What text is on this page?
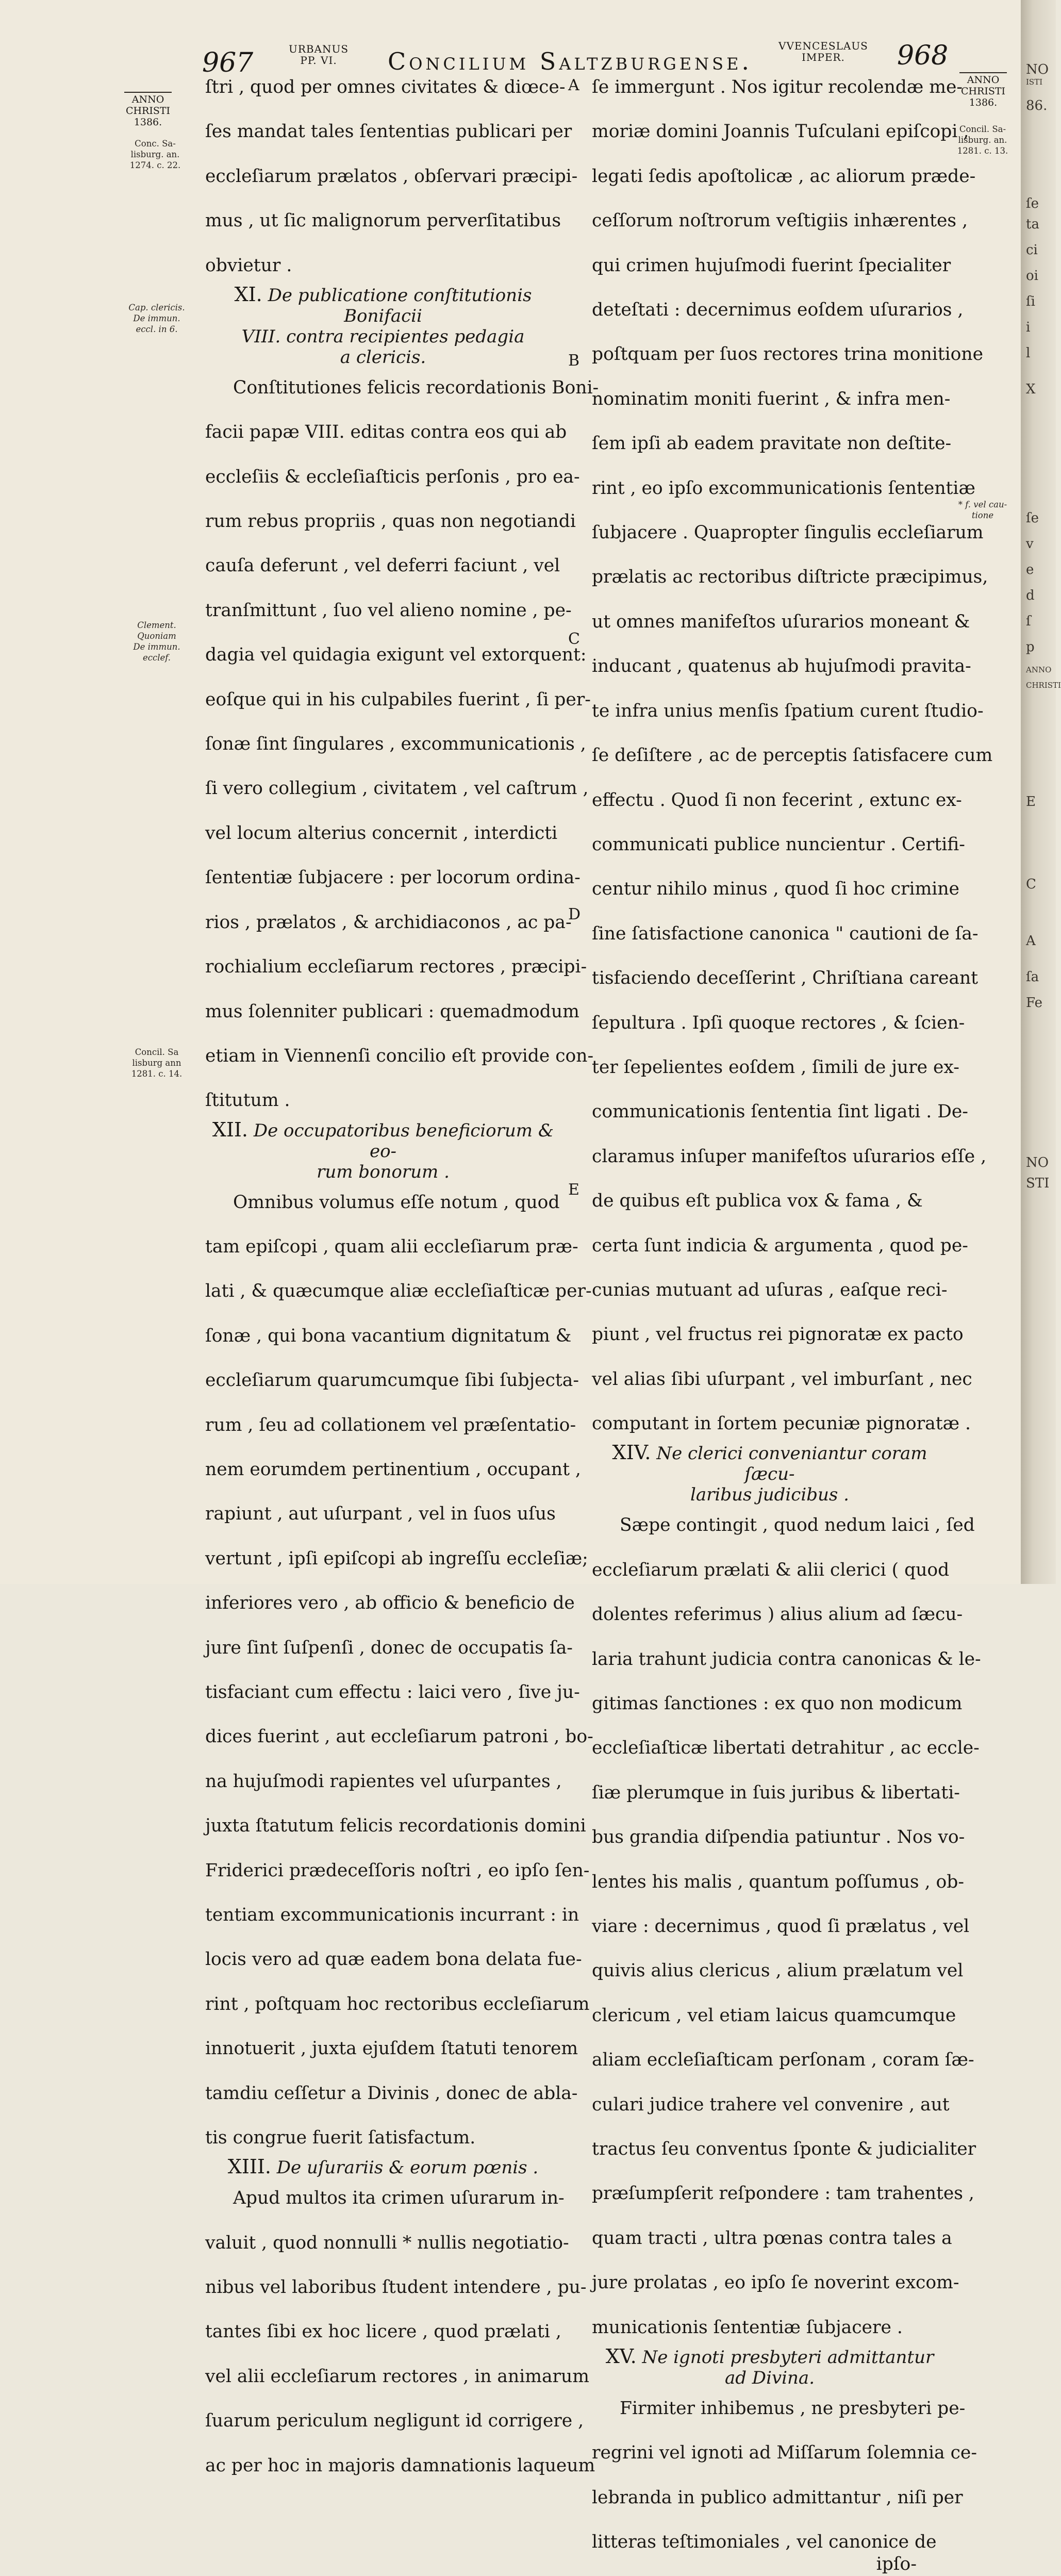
967	URBANUS
PP. VI.	Concilium Saltzburgense.
VVENCESLAUS
IMPER.	968
ANNO
CHRISTI
1386.
Conc. Sa-
lisburg. an.
1274. c. 22.
Cap. clericis.
De immun.
eccl. in 6.
Clement.
Quoniam
De immun.
ecclef.
Concil. Sa
lisburg ann
1281. c. 14.
ANNO
CHRISTI
1386.
Concil. Sa-
lisburg. an.
1281. c. 13.
* f. vel cau-
tione
A
B
C
D
E
ſtri , quod per omnes civitates & diœce-

ſes mandat tales ſententias publicari per

eccleſiarum prælatos , obſervari præcipi-

mus , ut ſic malignorum perverſitatibus

obvietur .
XI. De publicatione conſtitutionis Bonifacii
VIII. contra recipientes pedagia
a clericis.
Conſtitutiones felicis recordationis Boni-

facii papæ VIII. editas contra eos qui ab

eccleſiis & eccleſiaſticis perſonis , pro ea-

rum rebus propriis , quas non negotiandi

cauſa deferunt , vel deferri faciunt , vel

tranſmittunt , ſuo vel alieno nomine , pe-

dagia vel quidagia exigunt vel extorquent:

eoſque qui in his culpabiles fuerint , ſi per-

ſonæ ſint ſingulares , excommunicationis ,

ſi vero collegium , civitatem , vel caſtrum ,

vel locum alterius concernit , interdicti

ſententiæ ſubjacere : per locorum ordina-

rios , prælatos , & archidiaconos , ac pa-

rochialium eccleſiarum rectores , præcipi-

mus ſolenniter publicari : quemadmodum

etiam in Viennenſi concilio eſt provide con-

ſtitutum .
XII. De occupatoribus beneficiorum & eo-
rum bonorum .
Omnibus volumus eſſe notum , quod

tam epiſcopi , quam alii eccleſiarum præ-

lati , & quæcumque aliæ eccleſiaſticæ per-

ſonæ , qui bona vacantium dignitatum &

eccleſiarum quarumcumque ſibi ſubjecta-

rum , ſeu ad collationem vel præſentatio-

nem eorumdem pertinentium , occupant ,

rapiunt , aut uſurpant , vel in ſuos uſus

vertunt , ipſi epiſcopi ab ingreſſu eccleſiæ;

inferiores vero , ab officio & beneficio de

jure ſint ſuſpenſi , donec de occupatis ſa-

tisfaciant cum effectu : laici vero , ſive ju-

dices fuerint , aut eccleſiarum patroni , bo-

na hujuſmodi rapientes vel uſurpantes ,

juxta ſtatutum felicis recordationis domini

Friderici prædeceſſoris noſtri , eo ipſo ſen-

tentiam excommunicationis incurrant : in

locis vero ad quæ eadem bona delata fue-

rint , poſtquam hoc rectoribus eccleſiarum

innotuerit , juxta ejuſdem ſtatuti tenorem

tamdiu ceſſetur a Divinis , donec de abla-

tis congrue fuerit ſatisfactum.
XIII. De uſurariis & eorum pœnis .
Apud multos ita crimen uſurarum in-

valuit , quod nonnulli * nullis negotiatio-

nibus vel laboribus ſtudent intendere , pu-

tantes ſibi ex hoc licere , quod prælati ,

vel alii eccleſiarum rectores , in animarum

ſuarum periculum negligunt id corrigere ,

ac per hoc in majoris damnationis laqueum
ſe immergunt . Nos igitur recolendæ me-

moriæ domini Joannis Tuſculani epiſcopi ,

legati ſedis apoſtolicæ , ac aliorum præde-

ceſſorum noſtrorum veſtigiis inhærentes ,

qui crimen hujuſmodi fuerint ſpecialiter

deteſtati : decernimus eoſdem uſurarios ,

poſtquam per ſuos rectores trina monitione

nominatim moniti fuerint , & infra men-

ſem ipſi ab eadem pravitate non deſtite-

rint , eo ipſo excommunicationis ſententiæ

ſubjacere . Quapropter ſingulis eccleſiarum

prælatis ac rectoribus diſtricte præcipimus,

ut omnes manifeſtos uſurarios moneant &

inducant , quatenus ab hujuſmodi pravita-

te infra unius menſis ſpatium curent ſtudio-

ſe deſiſtere , ac de perceptis ſatisfacere cum

effectu . Quod ſi non fecerint , extunc ex-

communicati publice nuncientur . Certifi-

centur nihilo minus , quod ſi hoc crimine

ſine ſatisfactione canonica " cautioni de ſa-

tisfaciendo deceſſerint , Chriſtiana careant

ſepultura . Ipſi quoque rectores , & ſcien-

ter ſepelientes eoſdem , ſimili de jure ex-

communicationis ſententia ſint ligati . De-

claramus inſuper manifeſtos uſurarios eſſe ,

de quibus eſt publica vox & fama , &

certa ſunt indicia & argumenta , quod pe-

cunias mutuant ad uſuras , eaſque reci-

piunt , vel fructus rei pignoratæ ex pacto

vel alias ſibi uſurpant , vel imburſant , nec

computant in ſortem pecuniæ pignoratæ .
XIV. Ne clerici conveniantur coram ſæcu-
laribus judicibus .
Sæpe contingit , quod nedum laici , ſed

eccleſiarum prælati & alii clerici ( quod

dolentes referimus ) alius alium ad ſæcu-

laria trahunt judicia contra canonicas & le-

gitimas ſanctiones : ex quo non modicum

eccleſiaſticæ libertati detrahitur , ac eccle-

ſiæ plerumque in ſuis juribus & libertati-

bus grandia diſpendia patiuntur . Nos vo-

lentes his malis , quantum poſſumus , ob-

viare : decernimus , quod ſi prælatus , vel

quivis alius clericus , alium prælatum vel

clericum , vel etiam laicus quamcumque

aliam eccleſiaſticam perſonam , coram ſæ-

culari judice trahere vel convenire , aut

tractus ſeu conventus ſponte & judicialiter

præſumpſerit reſpondere : tam trahentes ,

quam tracti , ultra pœnas contra tales a

jure prolatas , eo ipſo ſe noverint excom-

municationis ſententiæ ſubjacere .
XV. Ne ignoti presbyteri admittantur
ad Divina.
Firmiter inhibemus , ne presbyteri pe-

regrini vel ignoti ad Miſſarum ſolemnia ce-

lebranda in publico admittantur , niſi per

litteras teſtimoniales , vel canonice de
ipſo-
NO
ISTI
86.
ſe
ta
ci
oi
ſi
i
l
X
ſe
v
e
d
ſ
p
ANNO
CHRISTI
E
C
A
ſa
Fe
NO
STI
